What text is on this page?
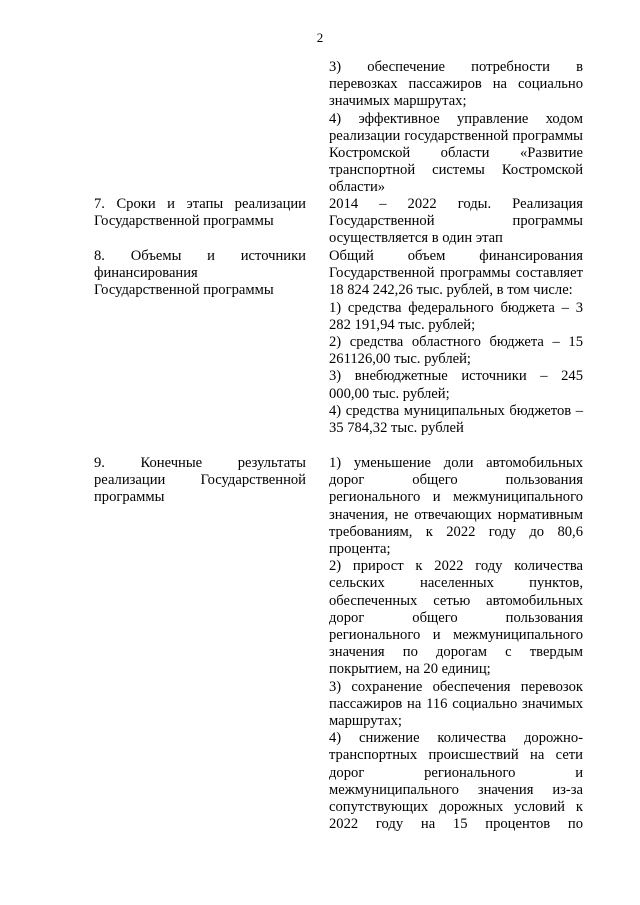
2

3) обеспечение потребности в перевозках пассажиров на социально значимых маршрутах;

4) эффективное управление ходом реализации государственной программы Костромской области «Развитие транспортной системы Костромской области»

7. Сроки и этапы реализации Государственной программы

2014 – 2022 годы. Реализация Государственной программы осуществляется в один этап

8. Объемы и источники финансирования Государственной программы

Общий объем финансирования Государственной программы составляет 18 824 242,26 тыс. рублей, в том числе:

1) средства федерального бюджета – 3 282 191,94 тыс. рублей;

2) средства областного бюджета – 15 261126,00 тыс. рублей;

3) внебюджетные источники – 245 000,00 тыс. рублей;

4) средства муниципальных бюджетов – 35 784,32 тыс. рублей

9. Конечные результаты реализации Государственной программы

1) уменьшение доли автомобильных дорог общего пользования регионального и межмуниципального значения, не отвечающих нормативным требованиям, к 2022 году до 80,6 процента;

2) прирост к 2022 году количества сельских населенных пунктов, обеспеченных сетью автомобильных дорог общего пользования регионального и межмуниципального значения по дорогам с твердым покрытием, на 20 единиц;

3) сохранение обеспечения перевозок пассажиров на 116 социально значимых маршрутах;

4) снижение количества дорожно-транспортных происшествий на сети дорог регионального и межмуниципального значения из-за сопутствующих дорожных условий к 2022 году на 15 процентов по
